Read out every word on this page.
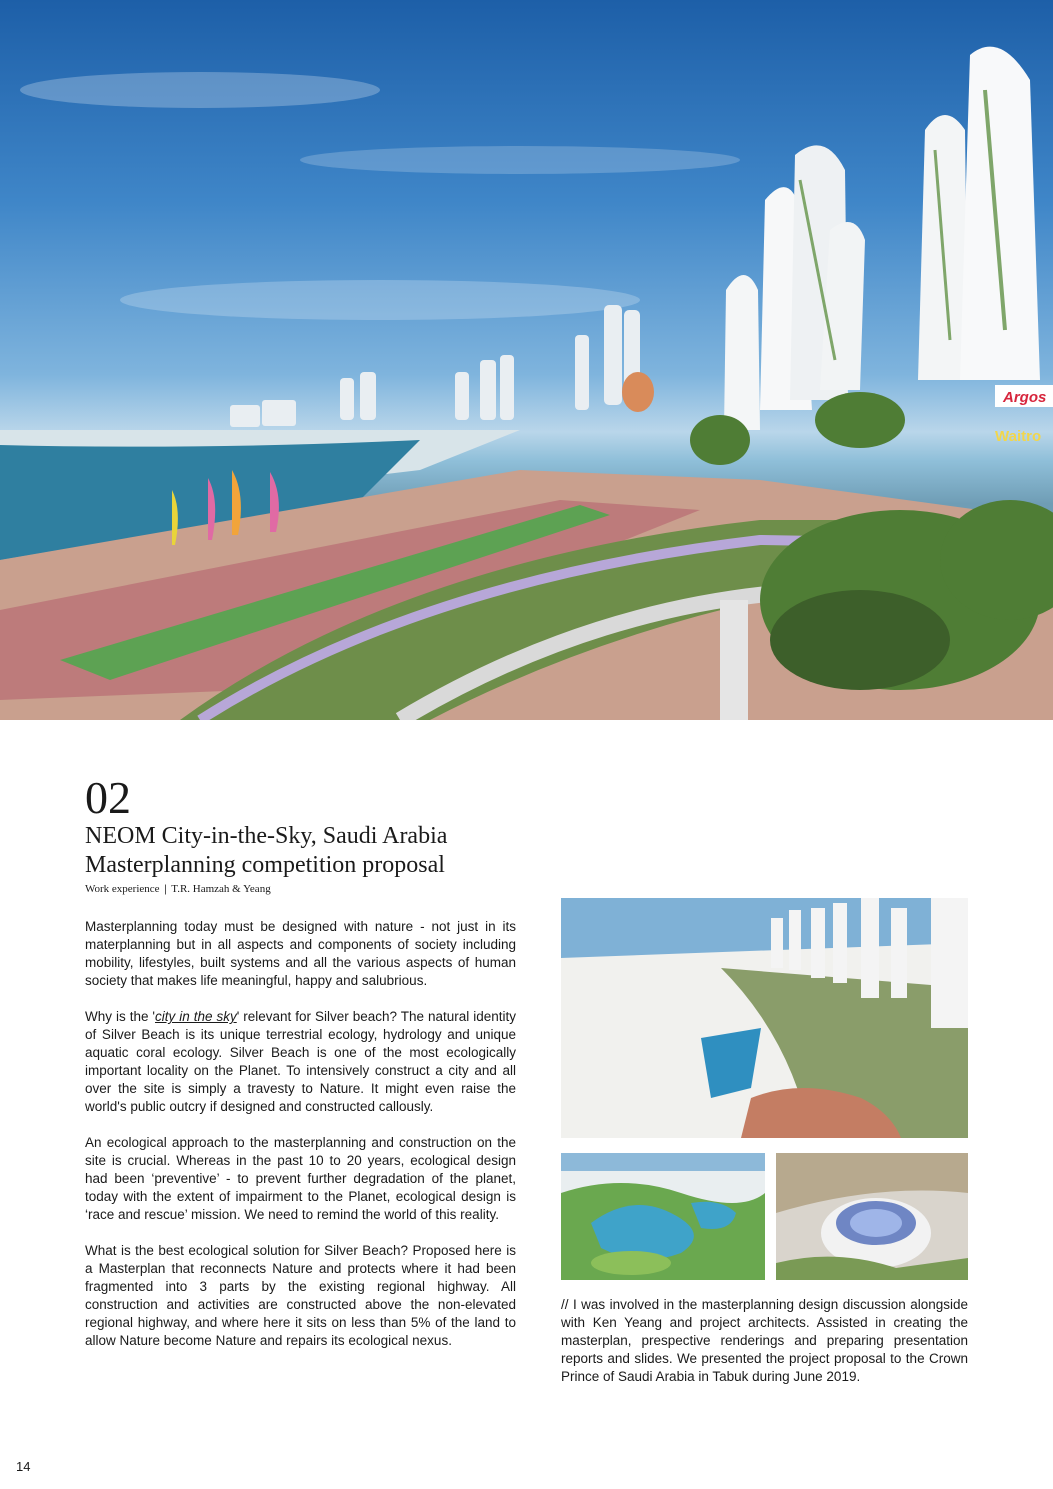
Argos
Waitro
02
NEOM City-in-the-Sky, Saudi Arabia
Masterplanning competition proposal
Work experience | T.R. Hamzah & Yeang

Masterplanning today must be designed with nature - not just in its materplanning but in all aspects and components of society including mobility, lifestyles, built systems and all the various aspects of human society that makes life meaningful, happy and salubrious.

Why is the 'city in the sky' relevant for Silver beach? The natural identity of Silver Beach is its unique terrestrial ecology, hydrology and unique aquatic coral ecology. Silver Beach is one of the most ecologically important locality on the Planet. To intensively construct a city and all over the site is simply a travesty to Nature. It might even raise the world's public outcry if designed and constructed callously.

An ecological approach to the masterplanning and construction on the site is crucial. Whereas in the past 10 to 20 years, ecological design had been ‘preventive’ - to prevent further degradation of the planet, today with the extent of impairment to the Planet, ecological design is ‘race and rescue’ mission. We need to remind the world of this reality.

What is the best ecological solution for Silver Beach? Proposed here is a Masterplan that reconnects Nature and protects where it had been fragmented into 3 parts by the existing regional highway. All construction and activities are constructed above the non-elevated regional highway, and where here it sits on less than 5% of the land to allow Nature become Nature and repairs its ecological nexus.

// I was involved in the masterplanning design discussion alongside with Ken Yeang and project architects. Assisted in creating the masterplan, prespective renderings and preparing presentation reports and slides. We presented the project proposal to the Crown Prince of Saudi Arabia in Tabuk during June 2019.
14
